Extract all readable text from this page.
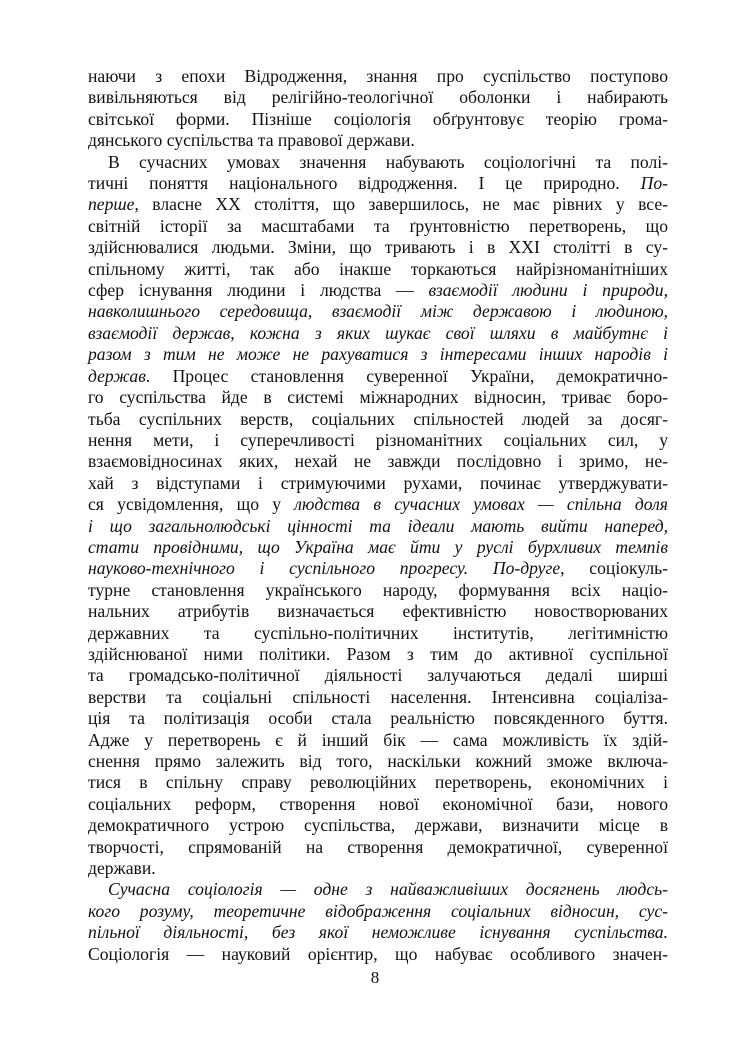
наючи з епохи Відродження, знання про суспільство поступово
вивільняються від релігійно-теологічної оболонки і набирають
світської форми. Пізніше соціологія обґрунтовує теорію грома-
дянського суспільства та правової держави.
В сучасних умовах значення набувають соціологічні та полі-
тичні поняття національного відродження. І це природно. По-
перше, власне XX століття, що завершилось, не має рівних у все-
світній історії за масштабами та ґрунтовністю перетворень, що
здійснювалися людьми. Зміни, що тривають і в XXI столітті в су-
спільному житті, так або інакше торкаються найрізноманітніших
сфер існування людини і людства — взаємодії людини і природи,
навколишнього середовища, взаємодії між державою і людиною,
взаємодії держав, кожна з яких шукає свої шляхи в майбутнє і
разом з тим не може не рахуватися з інтересами інших народів і
держав. Процес становлення суверенної України, демократично-
го суспільства йде в системі міжнародних відносин, триває боро-
тьба суспільних верств, соціальних спільностей людей за досяг-
нення мети, і суперечливості різноманітних соціальних сил, у
взаємовідносинах яких, нехай не завжди послідовно і зримо, не-
хай з відступами і стримуючими рухами, починає утверджувати-
ся усвідомлення, що у людства в сучасних умовах — спільна доля
і що загальнолюдські цінності та ідеали мають вийти наперед,
стати провідними, що Україна має йти у руслі бурхливих темпів
науково-технічного і суспільного прогресу. По-друге, соціокуль-
турне становлення українського народу, формування всіх націо-
нальних атрибутів визначається ефективністю новостворюваних
державних та суспільно-політичних інститутів, легітимністю
здійснюваної ними політики. Разом з тим до активної суспільної
та громадсько-політичної діяльності залучаються дедалі ширші
верстви та соціальні спільності населення. Інтенсивна соціаліза-
ція та політизація особи стала реальністю повсякденного буття.
Адже у перетворень є й інший бік — сама можливість їх здій-
снення прямо залежить від того, наскільки кожний зможе включа-
тися в спільну справу революційних перетворень, економічних і
соціальних реформ, створення нової економічної бази, нового
демократичного устрою суспільства, держави, визначити місце в
творчості, спрямованій на створення демократичної, суверенної
держави.
Сучасна соціологія — одне з найважливіших досягнень людсь-
кого розуму, теоретичне відображення соціальних відносин, сус-
пільної діяльності, без якої неможливе існування суспільства.
Соціологія — науковий орієнтир, що набуває особливого значен-
8
